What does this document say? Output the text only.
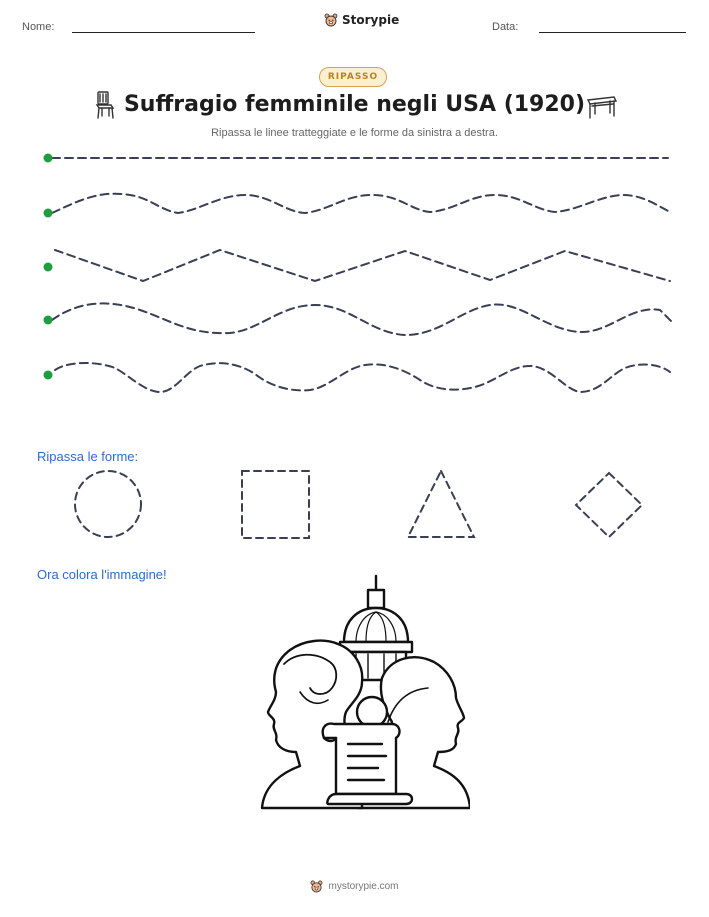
Nome:	Storypie	Data:
RIPASSO
Suffragio femminile negli USA (1920)
Ripassa le linee tratteggiate e le forme da sinistra a destra.
Ripassa le forme:
Ora colora l'immagine!
mystorypie.com
